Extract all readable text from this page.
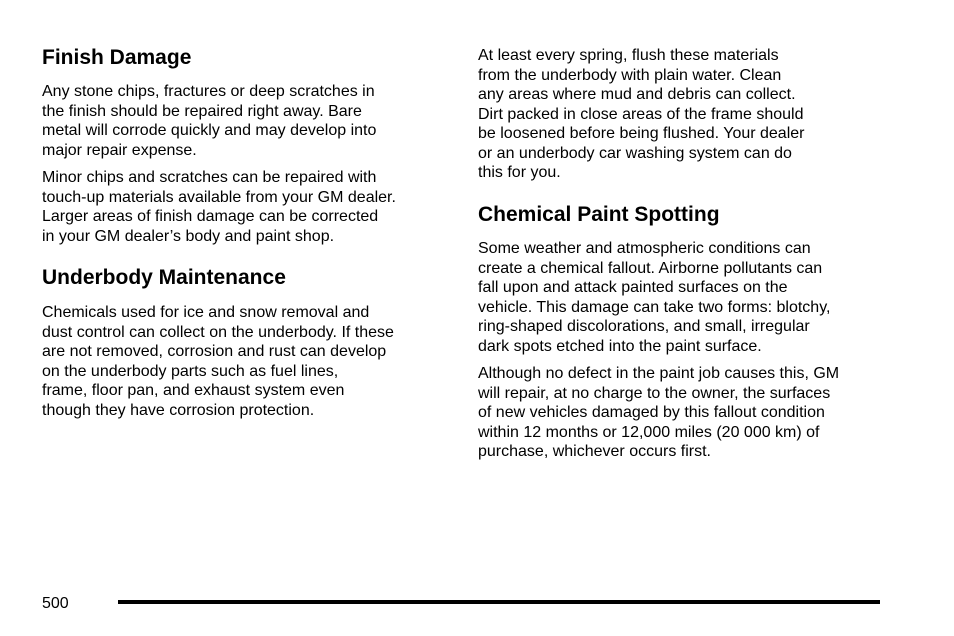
Finish Damage

Any stone chips, fractures or deep scratches in
the finish should be repaired right away. Bare
metal will corrode quickly and may develop into
major repair expense.

Minor chips and scratches can be repaired with
touch-up materials available from your GM dealer.
Larger areas of finish damage can be corrected
in your GM dealer’s body and paint shop.

Underbody Maintenance

Chemicals used for ice and snow removal and
dust control can collect on the underbody. If these
are not removed, corrosion and rust can develop
on the underbody parts such as fuel lines,
frame, floor pan, and exhaust system even
though they have corrosion protection.

At least every spring, flush these materials
from the underbody with plain water. Clean
any areas where mud and debris can collect.
Dirt packed in close areas of the frame should
be loosened before being flushed. Your dealer
or an underbody car washing system can do
this for you.

Chemical Paint Spotting

Some weather and atmospheric conditions can
create a chemical fallout. Airborne pollutants can
fall upon and attack painted surfaces on the
vehicle. This damage can take two forms: blotchy,
ring-shaped discolorations, and small, irregular
dark spots etched into the paint surface.

Although no defect in the paint job causes this, GM
will repair, at no charge to the owner, the surfaces
of new vehicles damaged by this fallout condition
within 12 months or 12,000 miles (20 000 km) of
purchase, whichever occurs first.

500
